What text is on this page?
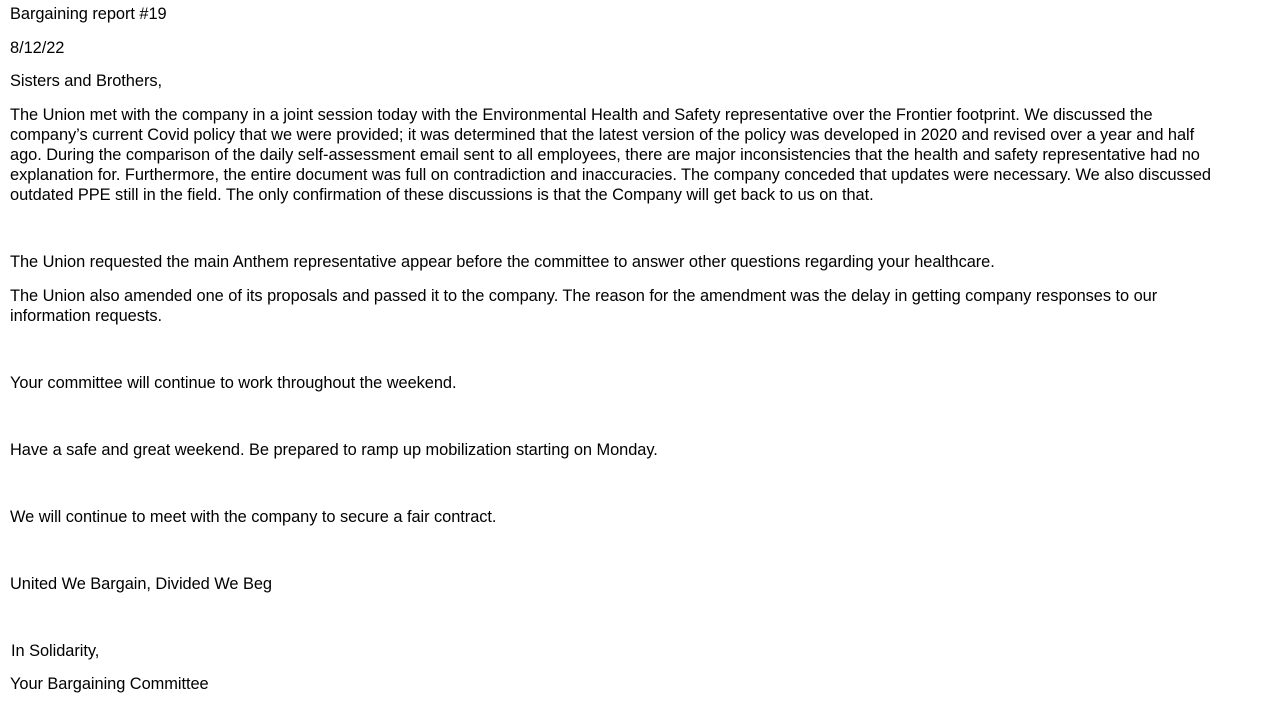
Bargaining report #19

8/12/22

Sisters and Brothers,

The Union met with the company in a joint session today with the Environmental Health and Safety representative over the Frontier footprint. We discussed the
company’s current Covid policy that we were provided; it was determined that the latest version of the policy was developed in 2020 and revised over a year and half
ago. During the comparison of the daily self-assessment email sent to all employees, there are major inconsistencies that the health and safety representative had no
explanation for. Furthermore, the entire document was full on contradiction and inaccuracies. The company conceded that updates were necessary. We also discussed
outdated PPE still in the field. The only confirmation of these discussions is that the Company will get back to us on that.

The Union requested the main Anthem representative appear before the committee to answer other questions regarding your healthcare.

The Union also amended one of its proposals and passed it to the company. The reason for the amendment was the delay in getting company responses to our
information requests.

Your committee will continue to work throughout the weekend.

Have a safe and great weekend. Be prepared to ramp up mobilization starting on Monday.

We will continue to meet with the company to secure a fair contract.

United We Bargain, Divided We Beg

In Solidarity,

Your Bargaining Committee
